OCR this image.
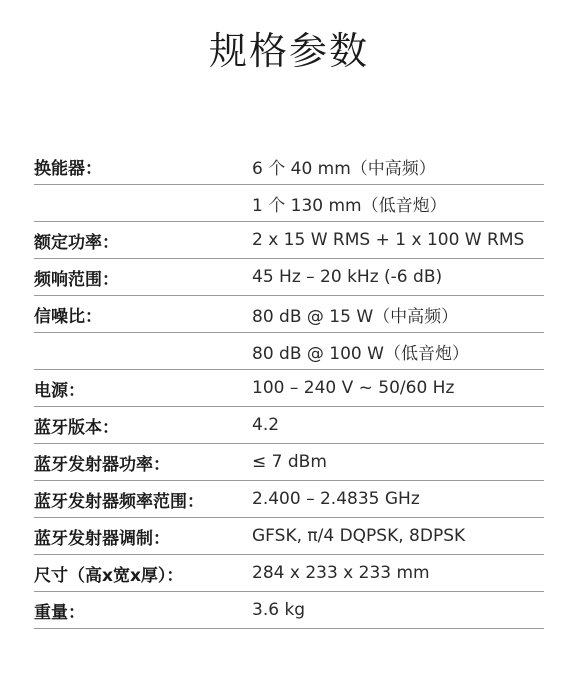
规格参数
换能器：	6 个 40 mm（中高频）
1 个 130 mm（低音炮）
额定功率：	2 x 15 W RMS + 1 x 100 W RMS
频响范围：	45 Hz – 20 kHz (-6 dB)
信噪比：	80 dB @ 15 W（中高频）
80 dB @ 100 W（低音炮）
电源：	100 – 240 V ~ 50/60 Hz
蓝牙版本：	4.2
蓝牙发射器功率：	≤ 7 dBm
蓝牙发射器频率范围：	2.400 – 2.4835 GHz
蓝牙发射器调制：	GFSK, π/4 DQPSK, 8DPSK
尺寸（高x宽x厚）：	284 x 233 x 233 mm
重量：	3.6 kg
